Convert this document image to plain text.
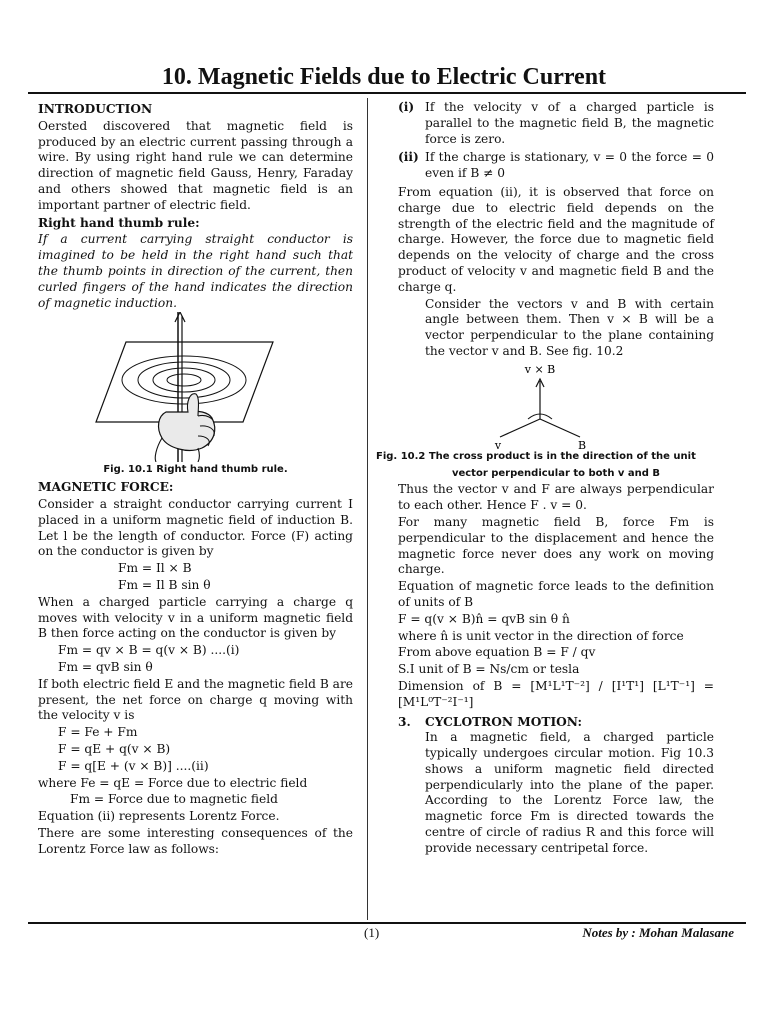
10. Magnetic Fields due to Electric Current

INTRODUCTION

Oersted discovered that magnetic field is produced by an electric current passing through a wire. By using right hand rule we can determine direction of magnetic field Gauss, Henry, Faraday and others showed that magnetic field is an important partner of electric field.

Right hand thumb rule:

If a current carrying straight conductor is imagined to be held in the right hand such that the thumb points in direction of the current, then curled fingers of the hand indicates the direction of magnetic induction.

Fig. 10.1 Right hand thumb rule.

MAGNETIC FORCE:

Consider a straight conductor carrying current I placed in a uniform magnetic field of induction B. Let l be the length of conductor. Force (F) acting on the conductor is given by

Fm = Il × B

Fm = Il B sin θ

When a charged particle carrying a charge q moves with velocity v in a uniform magnetic field B then force acting on the conductor is given by

Fm = qv × B = q(v × B) ....(i)

Fm = qvB sin θ

If both electric field E and the magnetic field B are present, the net force on charge q moving with the velocity v is

F = Fe + Fm

F = qE + q(v × B)

F = q[E + (v × B)] ....(ii)

where Fe = qE = Force due to electric field

Fm = Force due to magnetic field

Equation (ii) represents Lorentz Force.

There are some interesting consequences of the Lorentz Force law as follows:

(i) If the velocity v of a charged particle is parallel to the magnetic field B, the magnetic force is zero.
(ii) If the charge is stationary, v = 0 the force = 0 even if B ≠ 0

From equation (ii), it is observed that force on charge due to electric field depends on the strength of the electric field and the magnitude of charge. However, the force due to magnetic field depends on the velocity of charge and the cross product of velocity v and magnetic field B and the charge q.

Consider the vectors v and B with certain angle between them. Then v × B will be a vector perpendicular to the plane containing the vector v and B. See fig. 10.2

v × B
v	B

Fig. 10.2 The cross product is in the direction of the unit

vector perpendicular to both v and B

Thus the vector v and F are always perpendicular to each other. Hence F . v = 0.

For many magnetic field B, force Fm is perpendicular to the displacement and hence the magnetic force never does any work on moving charge.

Equation of magnetic force leads to the definition of units of B

F = q(v × B)n̂ = qvB sin θ n̂

where n̂ is unit vector in the direction of force

From above equation B = F / qv

S.I unit of B = Ns/cm or tesla

Dimension of B = [M¹L¹T⁻²] / [I¹T¹] [L¹T⁻¹] = [M¹L⁰T⁻²I⁻¹]

3.	CYCLOTRON MOTION:

In a magnetic field, a charged particle typically undergoes circular motion. Fig 10.3 shows a uniform magnetic field directed perpendicularly into the plane of the paper. According to the Lorentz Force law, the magnetic force Fm is directed towards the centre of circle of radius R and this force will provide necessary centripetal force.

(1)	Notes by : Mohan Malasane
